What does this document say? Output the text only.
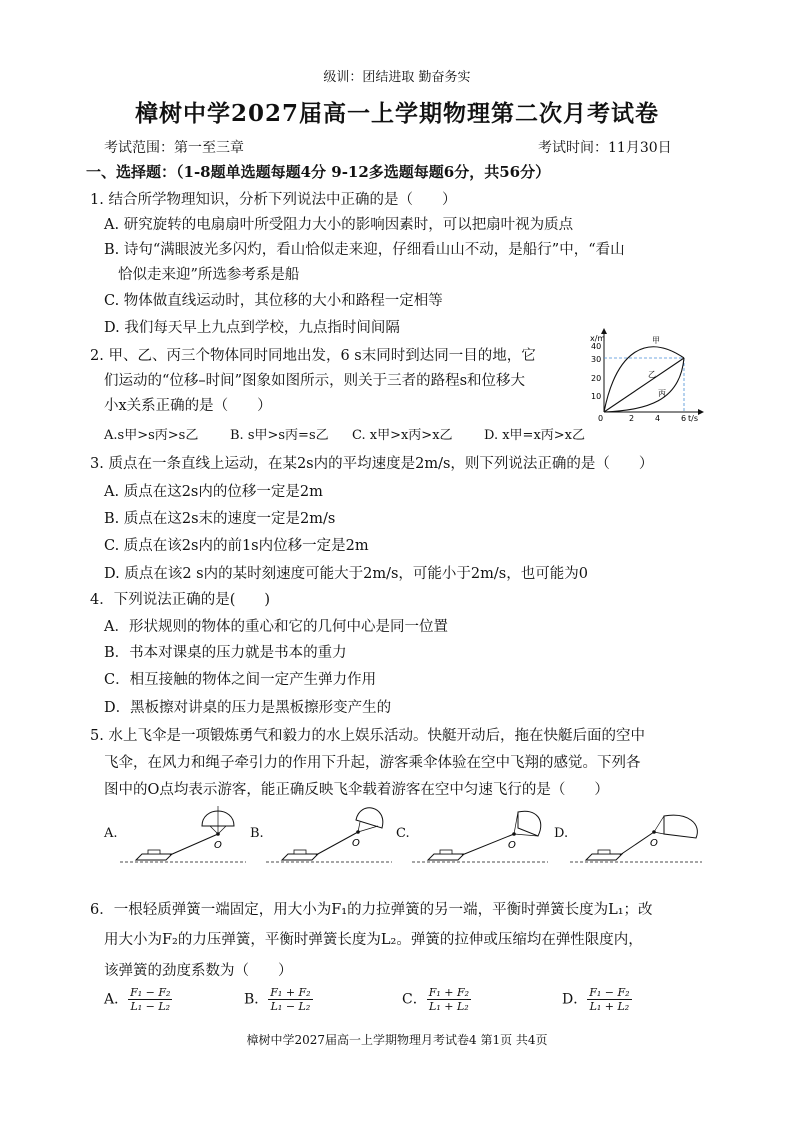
级训：团结进取 勤奋务实
樟树中学2027届高一上学期物理第二次月考试卷
考试范围：第一至三章	考试时间：11月30日
一、选择题：（1-8题单选题每题4分 9-12多选题每题6分，共56分）
1. 结合所学物理知识，分析下列说法中正确的是（　　）
A. 研究旋转的电扇扇叶所受阻力大小的影响因素时，可以把扇叶视为质点
B. 诗句“满眼波光多闪灼，看山恰似走来迎，仔细看山山不动，是船行”中，“看山
恰似走来迎”所选参考系是船
C. 物体做直线运动时，其位移的大小和路程一定相等
D. 我们每天早上九点到学校，九点指时间间隔
2. 甲、乙、丙三个物体同时同地出发，6 s末同时到达同一目的地，它
们运动的“位移–时间”图象如图所示，则关于三者的路程s和位移大
小x关系正确的是（　　）
A.s甲>s丙>s乙 B. s甲>s丙=s乙 C. x甲>x丙>x乙 D. x甲=x丙>x乙
x/m
t/s
40
30
20
10
0	2	4	6
甲
乙
丙
3. 质点在一条直线上运动，在某2s内的平均速度是2m/s，则下列说法正确的是（　　）
A. 质点在这2s内的位移一定是2m
B. 质点在这2s末的速度一定是2m/s
C. 质点在该2s内的前1s内位移一定是2m
D. 质点在该2 s内的某时刻速度可能大于2m/s，可能小于2m/s，也可能为0
4．下列说法正确的是(　　)
A．形状规则的物体的重心和它的几何中心是同一位置
B．书本对课桌的压力就是书本的重力
C．相互接触的物体之间一定产生弹力作用
D．黑板擦对讲桌的压力是黑板擦形变产生的
5. 水上飞伞是一项锻炼勇气和毅力的水上娱乐活动。快艇开动后，拖在快艇后面的空中
飞伞，在风力和绳子牵引力的作用下升起，游客乘伞体验在空中飞翔的感觉。下列各
图中的O点均表示游客，能正确反映飞伞载着游客在空中匀速飞行的是（　　）
A.
O
B.
O
C.
O
D.
O
6．一根轻质弹簧一端固定，用大小为F₁的力拉弹簧的另一端，平衡时弹簧长度为L₁；改
用大小为F₂的力压弹簧，平衡时弹簧长度为L₂。弹簧的拉伸或压缩均在弹性限度内，
该弹簧的劲度系数为（　　）
A． $\frac{\text{F₁ − F₂}}{\text{L₁ − L₂}}$	B． $\frac{\text{F₁ + F₂}}{\text{L₁ − L₂}}$	C． $\frac{\text{F₁ + F₂}}{\text{L₁ + L₂}}$	D． $\frac{\text{F₁ − F₂}}{\text{L₁ + L₂}}$
樟树中学2027届高一上学期物理月考试卷4 第1页 共4页
